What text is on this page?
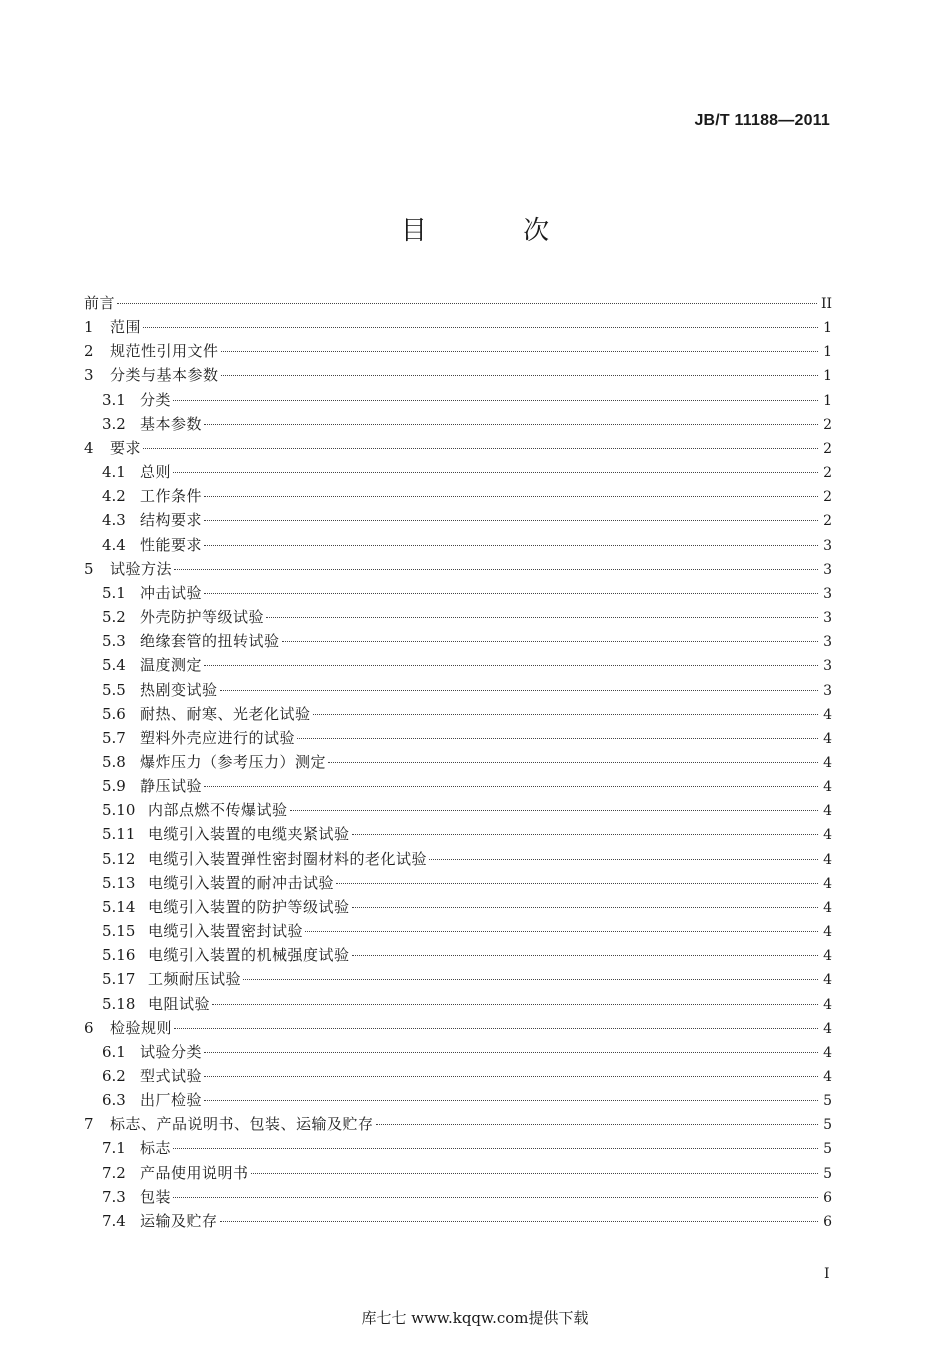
JB/T 11188—2011
目 次
前言	II
1	范围	1
2	规范性引用文件	1
3	分类与基本参数	1
3.1 分类	1
3.2 基本参数	2
4	要求	2
4.1 总则	2
4.2 工作条件	2
4.3 结构要求	2
4.4 性能要求	3
5	试验方法	3
5.1 冲击试验	3
5.2 外壳防护等级试验	3
5.3 绝缘套管的扭转试验	3
5.4 温度测定	3
5.5 热剧变试验	3
5.6 耐热、耐寒、光老化试验	4
5.7 塑料外壳应进行的试验	4
5.8 爆炸压力（参考压力）测定	4
5.9 静压试验	4
5.10 内部点燃不传爆试验	4
5.11 电缆引入装置的电缆夹紧试验	4
5.12 电缆引入装置弹性密封圈材料的老化试验	4
5.13 电缆引入装置的耐冲击试验	4
5.14 电缆引入装置的防护等级试验	4
5.15 电缆引入装置密封试验	4
5.16 电缆引入装置的机械强度试验	4
5.17 工频耐压试验	4
5.18 电阻试验	4
6	检验规则	4
6.1 试验分类	4
6.2 型式试验	4
6.3 出厂检验	5
7	标志、产品说明书、包装、运输及贮存	5
7.1 标志	5
7.2 产品使用说明书	5
7.3 包装	6
7.4 运输及贮存	6
I
库七七 www.kqqw.com提供下载
